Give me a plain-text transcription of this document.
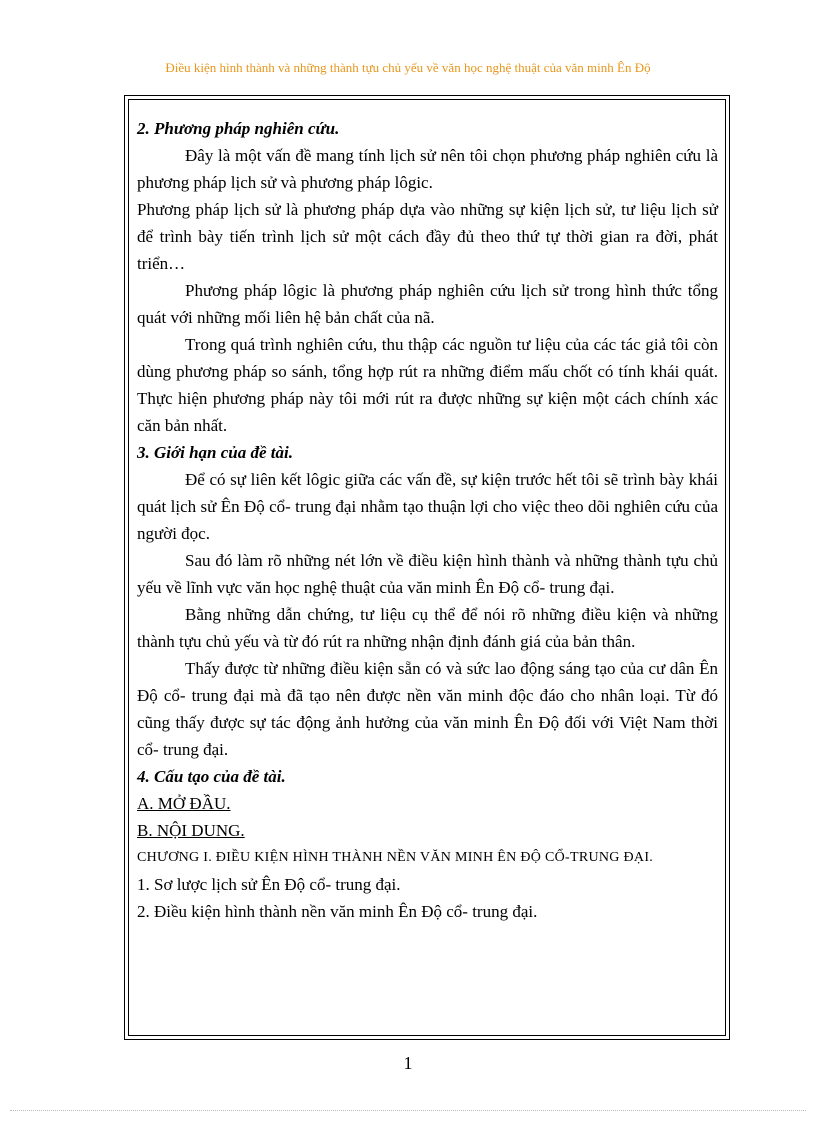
Điều kiện hình thành và những thành tựu chủ yếu về văn học nghệ thuật của văn minh Ên Độ

2. Phương pháp nghiên cứu.

Đây là một vấn đề mang tính lịch sử nên tôi chọn phương pháp nghiên cứu là phương pháp lịch sử và phương pháp lôgic.

Phương pháp lịch sử là phương pháp dựa vào những sự kiện lịch sử, tư liệu lịch sử để trình bày tiến trình lịch sử một cách đầy đủ theo thứ tự thời gian ra đời, phát triển…

Phương pháp lôgic là phương pháp nghiên cứu lịch sử trong hình thức tổng quát với những mối liên hệ bản chất của nã.

Trong quá trình nghiên cứu, thu thập các nguồn tư liệu của các tác giả tôi còn dùng phương pháp so sánh, tổng hợp rút ra những điểm mấu chốt có tính khái quát. Thực hiện phương pháp này tôi mới rút ra được những sự kiện một cách chính xác căn bản nhất.

3. Giới hạn của đề tài.

Để có sự liên kết lôgic giữa các vấn đề, sự kiện trước hết tôi sẽ trình bày khái quát lịch sử Ên Độ cổ- trung đại nhằm tạo thuận lợi cho việc theo dõi nghiên cứu của người đọc.

Sau đó làm rõ những nét lớn về điều kiện hình thành và những thành tựu chủ yếu về lĩnh vực văn học nghệ thuật của văn minh Ên Độ cổ- trung đại.

Bằng những dẫn chứng, tư liệu cụ thể để nói rõ những điều kiện và những thành tựu chủ yếu và từ đó rút ra những nhận định đánh giá của bản thân.

Thấy được từ những điều kiện sẵn có và sức lao động sáng tạo của cư dân Ên Độ cổ- trung đại mà đã tạo nên được nền văn minh độc đáo cho nhân loại. Từ đó cũng thấy được sự tác động ảnh hưởng của văn minh Ên Độ đối với Việt Nam thời cổ- trung đại.

4. Cấu tạo của đề tài.

A. MỞ ĐẦU.

B. NỘI DUNG.

CHƯƠNG I. ĐIỀU KIỆN HÌNH THÀNH NỀN VĂN MINH ÊN ĐỘ CỔ-TRUNG ĐẠI.

1. Sơ lược lịch sử Ên Độ cổ- trung đại.

2. Điều kiện hình thành nền văn minh Ên Độ cổ- trung đại.

1
